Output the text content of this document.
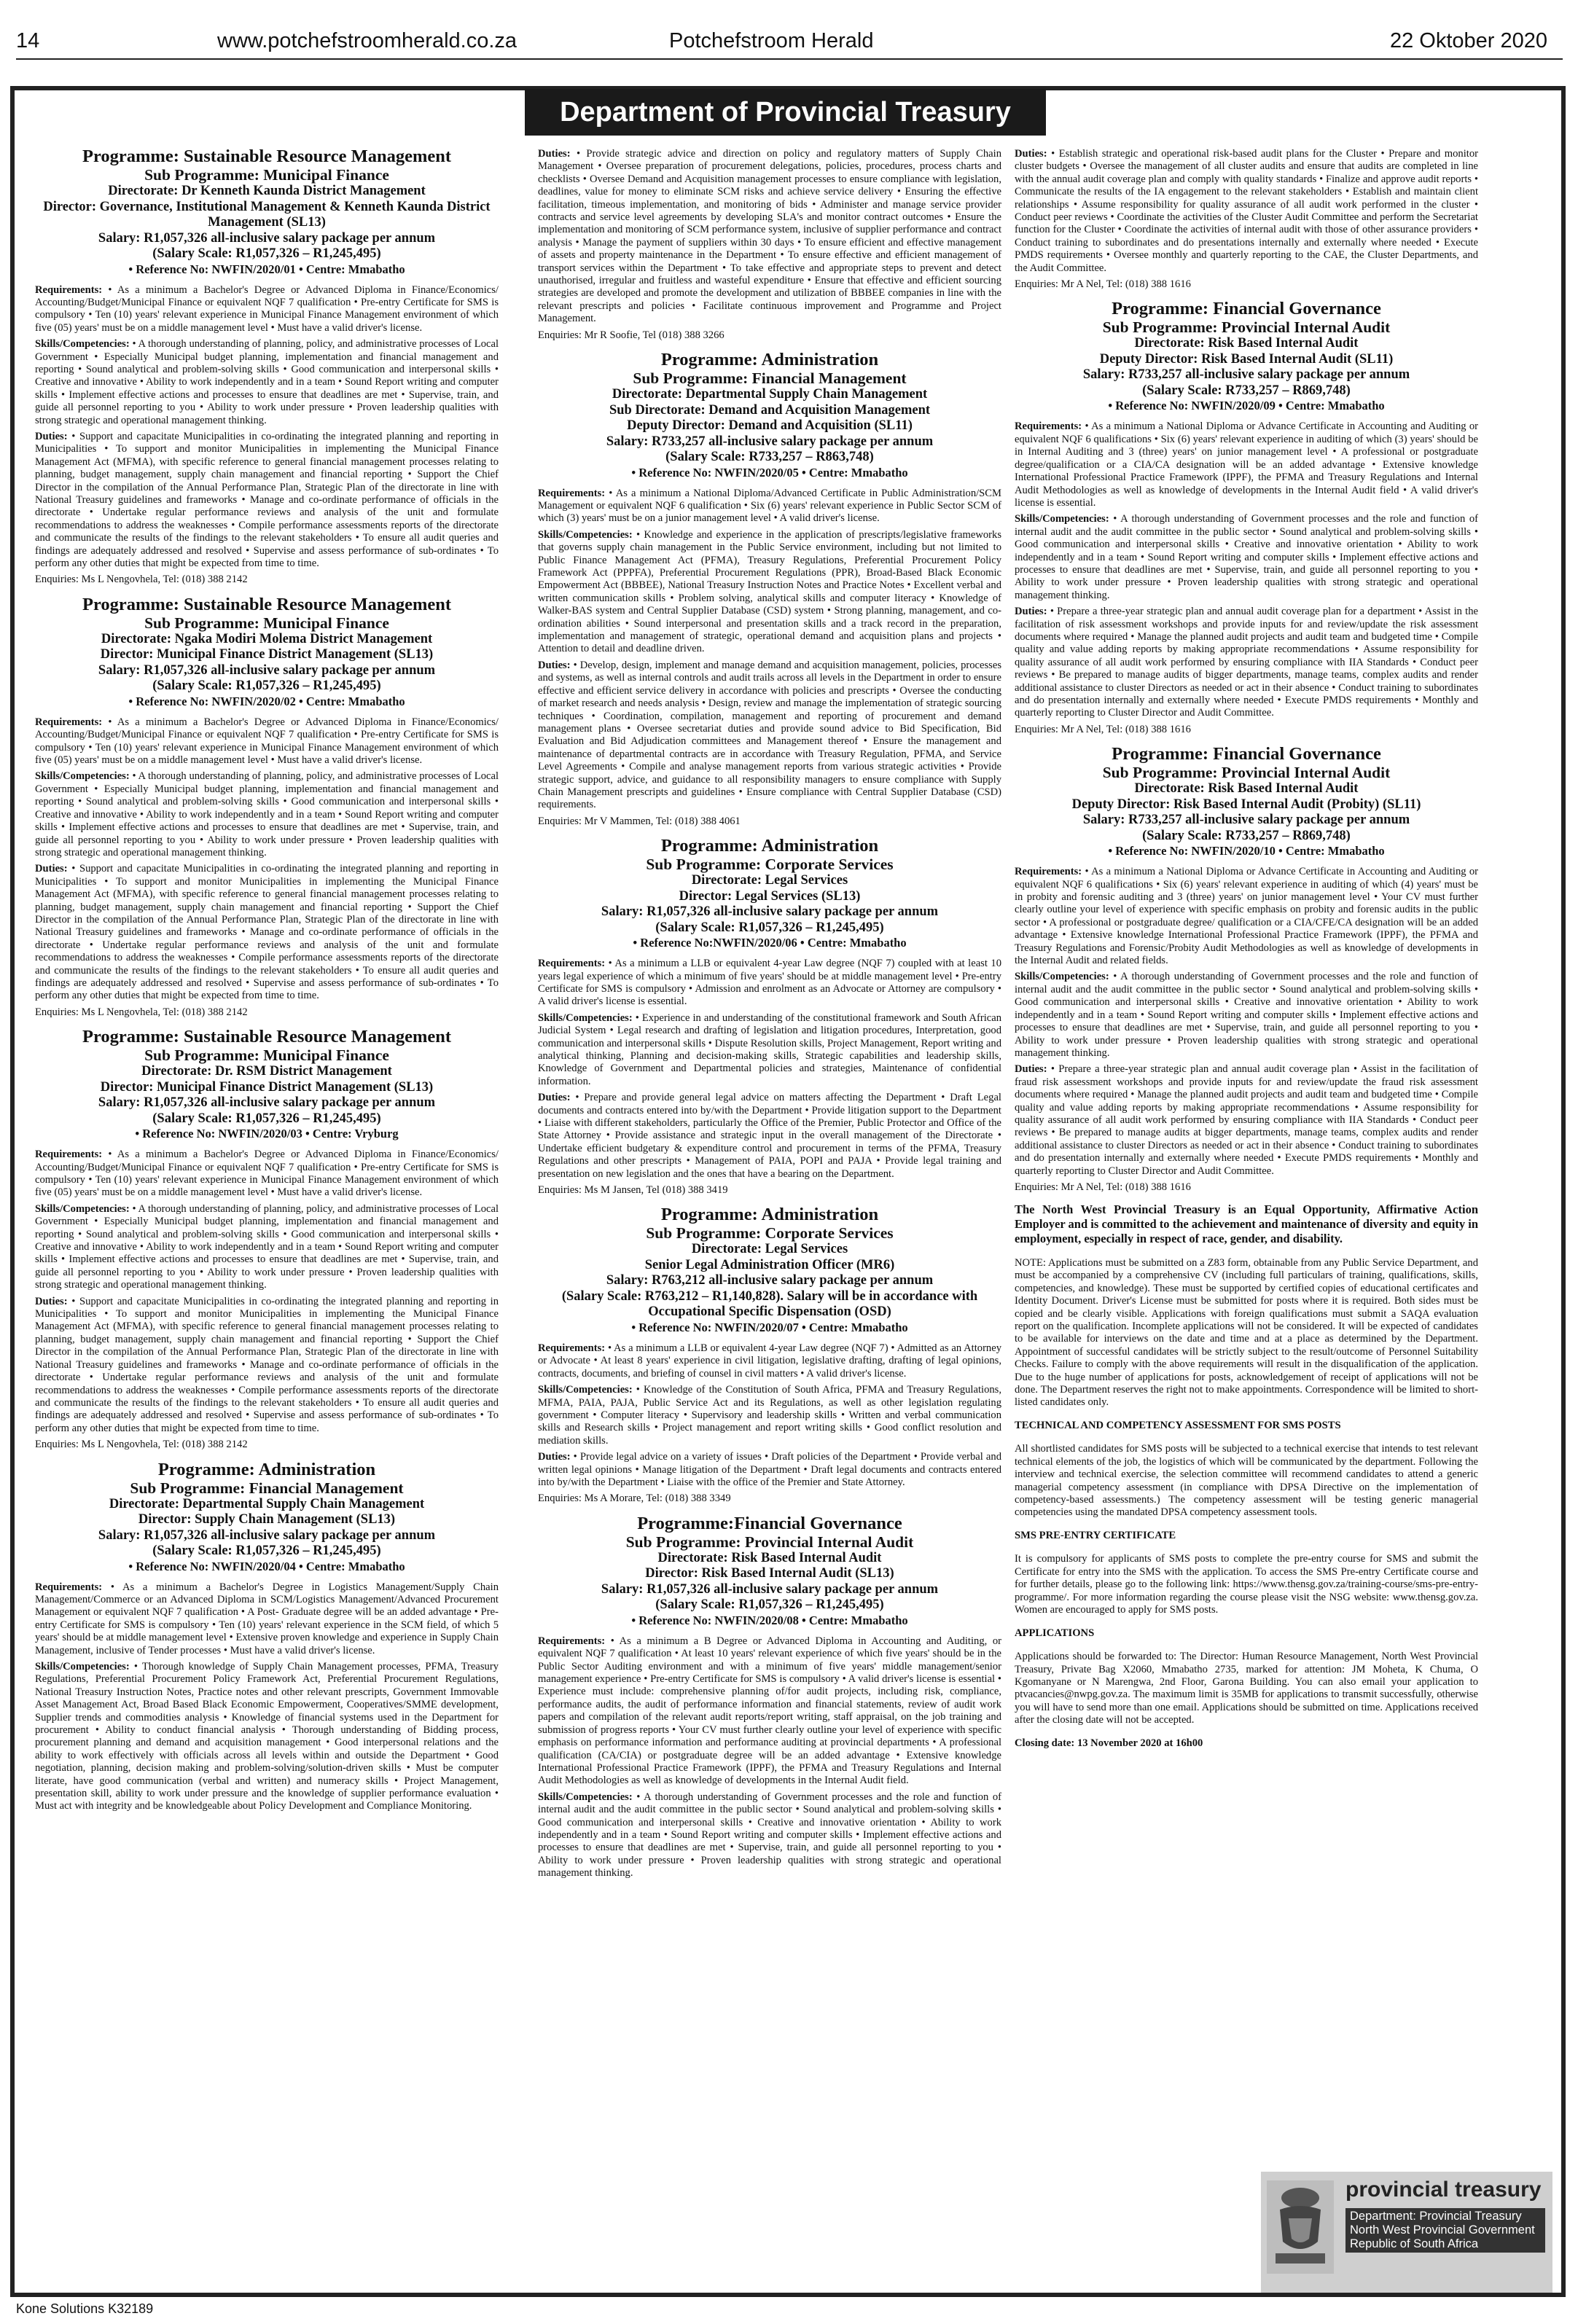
14	www.potchefstroomherald.co.za	Potchefstroom Herald	22 Oktober 2020
Department of Provincial Treasury

Programme: Sustainable Resource Management

Sub Programme: Municipal Finance

Directorate: Dr Kenneth Kaunda District Management

Director: Governance, Institutional Management & Kenneth Kaunda District Management (SL13)

Salary: R1,057,326 all-inclusive salary package per annum

(Salary Scale: R1,057,326 – R1,245,495)

• Reference No: NWFIN/2020/01 • Centre: Mmabatho

Requirements: • As a minimum a Bachelor's Degree or Advanced Diploma in Finance/Economics/ Accounting/Budget/Municipal Finance or equivalent NQF 7 qualification • Pre-entry Certificate for SMS is compulsory • Ten (10) years' relevant experience in Municipal Finance Management environment of which five (05) years' must be on a middle management level • Must have a valid driver's license.

Skills/Competencies: • A thorough understanding of planning, policy, and administrative processes of Local Government • Especially Municipal budget planning, implementation and financial management and reporting • Sound analytical and problem-solving skills • Good communication and interpersonal skills • Creative and innovative • Ability to work independently and in a team • Sound Report writing and computer skills • Implement effective actions and processes to ensure that deadlines are met • Supervise, train, and guide all personnel reporting to you • Ability to work under pressure • Proven leadership qualities with strong strategic and operational management thinking.

Duties: • Support and capacitate Municipalities in co-ordinating the integrated planning and reporting in Municipalities • To support and monitor Municipalities in implementing the Municipal Finance Management Act (MFMA), with specific reference to general financial management processes relating to planning, budget management, supply chain management and financial reporting • Support the Chief Director in the compilation of the Annual Performance Plan, Strategic Plan of the directorate in line with National Treasury guidelines and frameworks • Manage and co-ordinate performance of officials in the directorate • Undertake regular performance reviews and analysis of the unit and formulate recommendations to address the weaknesses • Compile performance assessments reports of the directorate and communicate the results of the findings to the relevant stakeholders • To ensure all audit queries and findings are adequately addressed and resolved • Supervise and assess performance of sub-ordinates • To perform any other duties that might be expected from time to time.

Enquiries: Ms L Nengovhela, Tel: (018) 388 2142

Programme: Sustainable Resource Management

Sub Programme: Municipal Finance

Directorate: Ngaka Modiri Molema District Management

Director: Municipal Finance District Management (SL13)

Salary: R1,057,326 all-inclusive salary package per annum

(Salary Scale: R1,057,326 – R1,245,495)

• Reference No: NWFIN/2020/02 • Centre: Mmabatho

Requirements: • As a minimum a Bachelor's Degree or Advanced Diploma in Finance/Economics/ Accounting/Budget/Municipal Finance or equivalent NQF 7 qualification • Pre-entry Certificate for SMS is compulsory • Ten (10) years' relevant experience in Municipal Finance Management environment of which five (05) years' must be on a middle management level • Must have a valid driver's license.

Skills/Competencies: • A thorough understanding of planning, policy, and administrative processes of Local Government • Especially Municipal budget planning, implementation and financial management and reporting • Sound analytical and problem-solving skills • Good communication and interpersonal skills • Creative and innovative • Ability to work independently and in a team • Sound Report writing and computer skills • Implement effective actions and processes to ensure that deadlines are met • Supervise, train, and guide all personnel reporting to you • Ability to work under pressure • Proven leadership qualities with strong strategic and operational management thinking.

Duties: • Support and capacitate Municipalities in co-ordinating the integrated planning and reporting in Municipalities • To support and monitor Municipalities in implementing the Municipal Finance Management Act (MFMA), with specific reference to general financial management processes relating to planning, budget management, supply chain management and financial reporting • Support the Chief Director in the compilation of the Annual Performance Plan, Strategic Plan of the directorate in line with National Treasury guidelines and frameworks • Manage and co-ordinate performance of officials in the directorate • Undertake regular performance reviews and analysis of the unit and formulate recommendations to address the weaknesses • Compile performance assessments reports of the directorate and communicate the results of the findings to the relevant stakeholders • To ensure all audit queries and findings are adequately addressed and resolved • Supervise and assess performance of sub-ordinates • To perform any other duties that might be expected from time to time.

Enquiries: Ms L Nengovhela, Tel: (018) 388 2142

Programme: Sustainable Resource Management

Sub Programme: Municipal Finance

Directorate: Dr. RSM District Management

Director: Municipal Finance District Management (SL13)

Salary: R1,057,326 all-inclusive salary package per annum

(Salary Scale: R1,057,326 – R1,245,495)

• Reference No: NWFIN/2020/03 • Centre: Vryburg

Requirements: • As a minimum a Bachelor's Degree or Advanced Diploma in Finance/Economics/ Accounting/Budget/Municipal Finance or equivalent NQF 7 qualification • Pre-entry Certificate for SMS is compulsory • Ten (10) years' relevant experience in Municipal Finance Management environment of which five (05) years' must be on a middle management level • Must have a valid driver's license.

Skills/Competencies: • A thorough understanding of planning, policy, and administrative processes of Local Government • Especially Municipal budget planning, implementation and financial management and reporting • Sound analytical and problem-solving skills • Good communication and interpersonal skills • Creative and innovative • Ability to work independently and in a team • Sound Report writing and computer skills • Implement effective actions and processes to ensure that deadlines are met • Supervise, train, and guide all personnel reporting to you • Ability to work under pressure • Proven leadership qualities with strong strategic and operational management thinking.

Duties: • Support and capacitate Municipalities in co-ordinating the integrated planning and reporting in Municipalities • To support and monitor Municipalities in implementing the Municipal Finance Management Act (MFMA), with specific reference to general financial management processes relating to planning, budget management, supply chain management and financial reporting • Support the Chief Director in the compilation of the Annual Performance Plan, Strategic Plan of the directorate in line with National Treasury guidelines and frameworks • Manage and co-ordinate performance of officials in the directorate • Undertake regular performance reviews and analysis of the unit and formulate recommendations to address the weaknesses • Compile performance assessments reports of the directorate and communicate the results of the findings to the relevant stakeholders • To ensure all audit queries and findings are adequately addressed and resolved • Supervise and assess performance of sub-ordinates • To perform any other duties that might be expected from time to time.

Enquiries: Ms L Nengovhela, Tel: (018) 388 2142

Programme: Administration

Sub Programme: Financial Management

Directorate: Departmental Supply Chain Management

Director: Supply Chain Management (SL13)

Salary: R1,057,326 all-inclusive salary package per annum

(Salary Scale: R1,057,326 – R1,245,495)

• Reference No: NWFIN/2020/04 • Centre: Mmabatho

Requirements: • As a minimum a Bachelor's Degree in Logistics Management/Supply Chain Management/Commerce or an Advanced Diploma in SCM/Logistics Management/Advanced Procurement Management or equivalent NQF 7 qualification • A Post- Graduate degree will be an added advantage • Pre-entry Certificate for SMS is compulsory • Ten (10) years' relevant experience in the SCM field, of which 5 years' should be at middle management level • Extensive proven knowledge and experience in Supply Chain Management, inclusive of Tender processes • Must have a valid driver's license.

Skills/Competencies: • Thorough knowledge of Supply Chain Management processes, PFMA, Treasury Regulations, Preferential Procurement Policy Framework Act, Preferential Procurement Regulations, National Treasury Instruction Notes, Practice notes and other relevant prescripts, Government Immovable Asset Management Act, Broad Based Black Economic Empowerment, Cooperatives/SMME development, Supplier trends and commodities analysis • Knowledge of financial systems used in the Department for procurement • Ability to conduct financial analysis • Thorough understanding of Bidding process, procurement planning and demand and acquisition management • Good interpersonal relations and the ability to work effectively with officials across all levels within and outside the Department • Good negotiation, planning, decision making and problem-solving/solution-driven skills • Must be computer literate, have good communication (verbal and written) and numeracy skills • Project Management, presentation skill, ability to work under pressure and the knowledge of supplier performance evaluation • Must act with integrity and be knowledgeable about Policy Development and Compliance Monitoring.

Duties: • Provide strategic advice and direction on policy and regulatory matters of Supply Chain Management • Oversee preparation of procurement delegations, policies, procedures, process charts and checklists • Oversee Demand and Acquisition management processes to ensure compliance with legislation, deadlines, value for money to eliminate SCM risks and achieve service delivery • Ensuring the effective facilitation, timeous implementation, and monitoring of bids • Administer and manage service provider contracts and service level agreements by developing SLA's and monitor contract outcomes • Ensure the implementation and monitoring of SCM performance system, inclusive of supplier performance and contract analysis • Manage the payment of suppliers within 30 days • To ensure efficient and effective management of assets and property maintenance in the Department • To ensure effective and efficient management of transport services within the Department • To take effective and appropriate steps to prevent and detect unauthorised, irregular and fruitless and wasteful expenditure • Ensure that effective and efficient sourcing strategies are developed and promote the development and utilization of BBBEE companies in line with the relevant prescripts and policies • Facilitate continuous improvement and Programme and Project Management.

Enquiries: Mr R Soofie, Tel (018) 388 3266

Programme: Administration

Sub Programme: Financial Management

Directorate: Departmental Supply Chain Management

Sub Directorate: Demand and Acquisition Management

Deputy Director: Demand and Acquisition (SL11)

Salary: R733,257 all-inclusive salary package per annum

(Salary Scale: R733,257 – R863,748)

• Reference No: NWFIN/2020/05 • Centre: Mmabatho

Requirements: • As a minimum a National Diploma/Advanced Certificate in Public Administration/SCM Management or equivalent NQF 6 qualification • Six (6) years' relevant experience in Public Sector SCM of which (3) years' must be on a junior management level • A valid driver's license.

Skills/Competencies: • Knowledge and experience in the application of prescripts/legislative frameworks that governs supply chain management in the Public Service environment, including but not limited to Public Finance Management Act (PFMA), Treasury Regulations, Preferential Procurement Policy Framework Act (PPPFA), Preferential Procurement Regulations (PPR), Broad-Based Black Economic Empowerment Act (BBBEE), National Treasury Instruction Notes and Practice Notes • Excellent verbal and written communication skills • Problem solving, analytical skills and computer literacy • Knowledge of Walker-BAS system and Central Supplier Database (CSD) system • Strong planning, management, and co-ordination abilities • Sound interpersonal and presentation skills and a track record in the preparation, implementation and management of strategic, operational demand and acquisition plans and projects • Attention to detail and deadline driven.

Duties: • Develop, design, implement and manage demand and acquisition management, policies, processes and systems, as well as internal controls and audit trails across all levels in the Department in order to ensure effective and efficient service delivery in accordance with policies and prescripts • Oversee the conducting of market research and needs analysis • Design, review and manage the implementation of strategic sourcing techniques • Coordination, compilation, management and reporting of procurement and demand management plans • Oversee secretariat duties and provide sound advice to Bid Specification, Bid Evaluation and Bid Adjudication committees and Management thereof • Ensure the management and maintenance of departmental contracts are in accordance with Treasury Regulation, PFMA, and Service Level Agreements • Compile and analyse management reports from various strategic activities • Provide strategic support, advice, and guidance to all responsibility managers to ensure compliance with Supply Chain Management prescripts and guidelines • Ensure compliance with Central Supplier Database (CSD) requirements.

Enquiries: Mr V Mammen, Tel: (018) 388 4061

Programme: Administration

Sub Programme: Corporate Services

Directorate: Legal Services

Director: Legal Services (SL13)

Salary: R1,057,326 all-inclusive salary package per annum

(Salary Scale: R1,057,326 – R1,245,495)

• Reference No:NWFIN/2020/06 • Centre: Mmabatho

Requirements: • As a minimum a LLB or equivalent 4-year Law degree (NQF 7) coupled with at least 10 years legal experience of which a minimum of five years' should be at middle management level • Pre-entry Certificate for SMS is compulsory • Admission and enrolment as an Advocate or Attorney are compulsory • A valid driver's license is essential.

Skills/Competencies: • Experience in and understanding of the constitutional framework and South African Judicial System • Legal research and drafting of legislation and litigation procedures, Interpretation, good communication and interpersonal skills • Dispute Resolution skills, Project Management, Report writing and analytical thinking, Planning and decision-making skills, Strategic capabilities and leadership skills, Knowledge of Government and Departmental policies and strategies, Maintenance of confidential information.

Duties: • Prepare and provide general legal advice on matters affecting the Department • Draft Legal documents and contracts entered into by/with the Department • Provide litigation support to the Department • Liaise with different stakeholders, particularly the Office of the Premier, Public Protector and Office of the State Attorney • Provide assistance and strategic input in the overall management of the Directorate • Undertake efficient budgetary & expenditure control and procurement in terms of the PFMA, Treasury Regulations and other prescripts • Management of PAIA, POPI and PAJA • Provide legal training and presentation on new legislation and the ones that have a bearing on the Department.

Enquiries: Ms M Jansen, Tel (018) 388 3419

Programme: Administration

Sub Programme: Corporate Services

Directorate: Legal Services

Senior Legal Administration Officer (MR6)

Salary: R763,212 all-inclusive salary package per annum

(Salary Scale: R763,212 – R1,140,828). Salary will be in accordance with Occupational Specific Dispensation (OSD)

• Reference No: NWFIN/2020/07 • Centre: Mmabatho

Requirements: • As a minimum a LLB or equivalent 4-year Law degree (NQF 7) • Admitted as an Attorney or Advocate • At least 8 years' experience in civil litigation, legislative drafting, drafting of legal opinions, contracts, documents, and briefing of counsel in civil matters • A valid driver's license.

Skills/Competencies: • Knowledge of the Constitution of South Africa, PFMA and Treasury Regulations, MFMA, PAIA, PAJA, Public Service Act and its Regulations, as well as other legislation regulating government • Computer literacy • Supervisory and leadership skills • Written and verbal communication skills and Research skills • Project management and report writing skills • Good conflict resolution and mediation skills.

Duties: • Provide legal advice on a variety of issues • Draft policies of the Department • Provide verbal and written legal opinions • Manage litigation of the Department • Draft legal documents and contracts entered into by/with the Department • Liaise with the office of the Premier and State Attorney.

Enquiries: Ms A Morare, Tel: (018) 388 3349

Programme:Financial Governance

Sub Programme: Provincial Internal Audit

Directorate: Risk Based Internal Audit

Director: Risk Based Internal Audit (SL13)

Salary: R1,057,326 all-inclusive salary package per annum

(Salary Scale: R1,057,326 – R1,245,495)

• Reference No: NWFIN/2020/08 • Centre: Mmabatho

Requirements: • As a minimum a B Degree or Advanced Diploma in Accounting and Auditing, or equivalent NQF 7 qualification • At least 10 years' relevant experience of which five years' should be in the Public Sector Auditing environment and with a minimum of five years' middle management/senior management experience • Pre-entry Certificate for SMS is compulsory • A valid driver's license is essential • Experience must include: comprehensive planning of/for audit projects, including risk, compliance, performance audits, the audit of performance information and financial statements, review of audit work papers and compilation of the relevant audit reports/report writing, staff appraisal, on the job training and submission of progress reports • Your CV must further clearly outline your level of experience with specific emphasis on performance information and performance auditing at provincial departments • A professional qualification (CA/CIA) or postgraduate degree will be an added advantage • Extensive knowledge International Professional Practice Framework (IPPF), the PFMA and Treasury Regulations and Internal Audit Methodologies as well as knowledge of developments in the Internal Audit field.

Skills/Competencies: • A thorough understanding of Government processes and the role and function of internal audit and the audit committee in the public sector • Sound analytical and problem-solving skills • Good communication and interpersonal skills • Creative and innovative orientation • Ability to work independently and in a team • Sound Report writing and computer skills • Implement effective actions and processes to ensure that deadlines are met • Supervise, train, and guide all personnel reporting to you • Ability to work under pressure • Proven leadership qualities with strong strategic and operational management thinking.

Duties: • Establish strategic and operational risk-based audit plans for the Cluster • Prepare and monitor cluster budgets • Oversee the management of all cluster audits and ensure that audits are completed in line with the annual audit coverage plan and comply with quality standards • Finalize and approve audit reports • Communicate the results of the IA engagement to the relevant stakeholders • Establish and maintain client relationships • Assume responsibility for quality assurance of all audit work performed in the cluster • Conduct peer reviews • Coordinate the activities of the Cluster Audit Committee and perform the Secretariat function for the Cluster • Coordinate the activities of internal audit with those of other assurance providers • Conduct training to subordinates and do presentations internally and externally where needed • Execute PMDS requirements • Oversee monthly and quarterly reporting to the CAE, the Cluster Departments, and the Audit Committee.

Enquiries: Mr A Nel, Tel: (018) 388 1616

Programme: Financial Governance

Sub Programme: Provincial Internal Audit

Directorate: Risk Based Internal Audit

Deputy Director: Risk Based Internal Audit (SL11)

Salary: R733,257 all-inclusive salary package per annum

(Salary Scale: R733,257 – R869,748)

• Reference No: NWFIN/2020/09 • Centre: Mmabatho

Requirements: • As a minimum a National Diploma or Advance Certificate in Accounting and Auditing or equivalent NQF 6 qualifications • Six (6) years' relevant experience in auditing of which (3) years' should be in Internal Auditing and 3 (three) years' on junior management level • A professional or postgraduate degree/qualification or a CIA/CA designation will be an added advantage • Extensive knowledge International Professional Practice Framework (IPPF), the PFMA and Treasury Regulations and Internal Audit Methodologies as well as knowledge of developments in the Internal Audit field • A valid driver's license is essential.

Skills/Competencies: • A thorough understanding of Government processes and the role and function of internal audit and the audit committee in the public sector • Sound analytical and problem-solving skills • Good communication and interpersonal skills • Creative and innovative orientation • Ability to work independently and in a team • Sound Report writing and computer skills • Implement effective actions and processes to ensure that deadlines are met • Supervise, train, and guide all personnel reporting to you • Ability to work under pressure • Proven leadership qualities with strong strategic and operational management thinking.

Duties: • Prepare a three-year strategic plan and annual audit coverage plan for a department • Assist in the facilitation of risk assessment workshops and provide inputs for and review/update the risk assessment documents where required • Manage the planned audit projects and audit team and budgeted time • Compile quality and value adding reports by making appropriate recommendations • Assume responsibility for quality assurance of all audit work performed by ensuring compliance with IIA Standards • Conduct peer reviews • Be prepared to manage audits of bigger departments, manage teams, complex audits and render additional assistance to cluster Directors as needed or act in their absence • Conduct training to subordinates and do presentation internally and externally where needed • Execute PMDS requirements • Monthly and quarterly reporting to Cluster Director and Audit Committee.

Enquiries: Mr A Nel, Tel: (018) 388 1616

Programme: Financial Governance

Sub Programme: Provincial Internal Audit

Directorate: Risk Based Internal Audit

Deputy Director: Risk Based Internal Audit (Probity) (SL11)

Salary: R733,257 all-inclusive salary package per annum

(Salary Scale: R733,257 – R869,748)

• Reference No: NWFIN/2020/10 • Centre: Mmabatho

Requirements: • As a minimum a National Diploma or Advance Certificate in Accounting and Auditing or equivalent NQF 6 qualifications • Six (6) years' relevant experience in auditing of which (4) years' must be in probity and forensic auditing and 3 (three) years' on junior management level • Your CV must further clearly outline your level of experience with specific emphasis on probity and forensic audits in the public sector • A professional or postgraduate degree/ qualification or a CIA/CFE/CA designation will be an added advantage • Extensive knowledge International Professional Practice Framework (IPPF), the PFMA and Treasury Regulations and Forensic/Probity Audit Methodologies as well as knowledge of developments in the Internal Audit and related fields.

Skills/Competencies: • A thorough understanding of Government processes and the role and function of internal audit and the audit committee in the public sector • Sound analytical and problem-solving skills • Good communication and interpersonal skills • Creative and innovative orientation • Ability to work independently and in a team • Sound Report writing and computer skills • Implement effective actions and processes to ensure that deadlines are met • Supervise, train, and guide all personnel reporting to you • Ability to work under pressure • Proven leadership qualities with strong strategic and operational management thinking.

Duties: • Prepare a three-year strategic plan and annual audit coverage plan • Assist in the facilitation of fraud risk assessment workshops and provide inputs for and review/update the fraud risk assessment documents where required • Manage the planned audit projects and audit team and budgeted time • Compile quality and value adding reports by making appropriate recommendations • Assume responsibility for quality assurance of all audit work performed by ensuring compliance with IIA Standards • Conduct peer reviews • Be prepared to manage audits at bigger departments, manage teams, complex audits and render additional assistance to cluster Directors as needed or act in their absence • Conduct training to subordinates and do presentation internally and externally where needed • Execute PMDS requirements • Monthly and quarterly reporting to Cluster Director and Audit Committee.

Enquiries: Mr A Nel, Tel: (018) 388 1616

The North West Provincial Treasury is an Equal Opportunity, Affirmative Action Employer and is committed to the achievement and maintenance of diversity and equity in employment, especially in respect of race, gender, and disability.

NOTE: Applications must be submitted on a Z83 form, obtainable from any Public Service Department, and must be accompanied by a comprehensive CV (including full particulars of training, qualifications, skills, competencies, and knowledge). These must be supported by certified copies of educational certificates and Identity Document. Driver's License must be submitted for posts where it is required. Both sides must be copied and be clearly visible. Applications with foreign qualifications must submit a SAQA evaluation report on the qualification. Incomplete applications will not be considered. It will be expected of candidates to be available for interviews on the date and time and at a place as determined by the Department. Appointment of successful candidates will be strictly subject to the result/outcome of Personnel Suitability Checks. Failure to comply with the above requirements will result in the disqualification of the application. Due to the huge number of applications for posts, acknowledgement of receipt of applications will not be done. The Department reserves the right not to make appointments. Correspondence will be limited to short-listed candidates only.

TECHNICAL AND COMPETENCY ASSESSMENT FOR SMS POSTS

All shortlisted candidates for SMS posts will be subjected to a technical exercise that intends to test relevant technical elements of the job, the logistics of which will be communicated by the department. Following the interview and technical exercise, the selection committee will recommend candidates to attend a generic managerial competency assessment (in compliance with DPSA Directive on the implementation of competency-based assessments.) The competency assessment will be testing generic managerial competencies using the mandated DPSA competency assessment tools.

SMS PRE-ENTRY CERTIFICATE

It is compulsory for applicants of SMS posts to complete the pre-entry course for SMS and submit the Certificate for entry into the SMS with the application. To access the SMS Pre-entry Certificate course and for further details, please go to the following link: https://www.thensg.gov.za/training-course/sms-pre-entry-programme/. For more information regarding the course please visit the NSG website: www.thensg.gov.za. Women are encouraged to apply for SMS posts.

APPLICATIONS

Applications should be forwarded to: The Director: Human Resource Management, North West Provincial Treasury, Private Bag X2060, Mmabatho 2735, marked for attention: JM Moheta, K Chuma, O Kgomanyane or N Marengwa, 2nd Floor, Garona Building. You can also email your application to ptvacancies@nwpg.gov.za. The maximum limit is 35MB for applications to transmit successfully, otherwise you will have to send more than one email. Applications should be submitted on time. Applications received after the closing date will not be accepted.

Closing date: 13 November 2020 at 16h00

provincial treasury
Department: Provincial Treasury North West Provincial Government Republic of South Africa
Kone Solutions K32189
